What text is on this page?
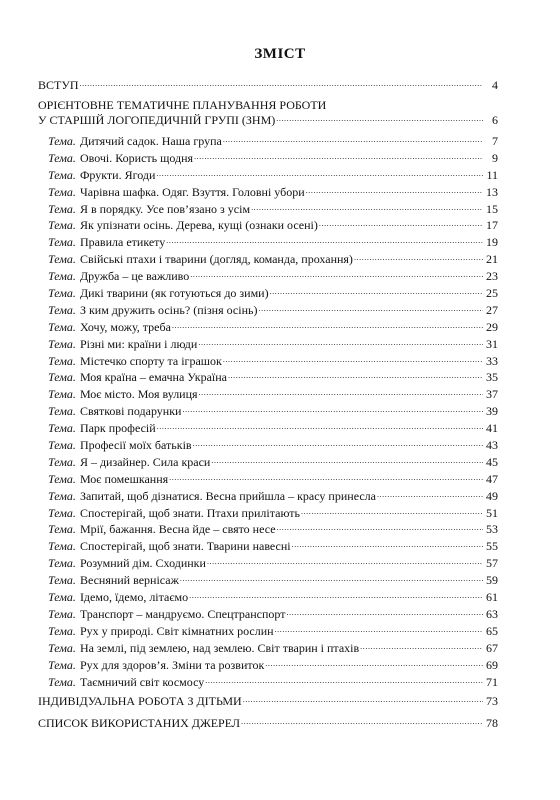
ЗМІСТ
ВСТУП .....	4
ОРІЄНТОВНЕ ТЕМАТИЧНЕ ПЛАНУВАННЯ РОБОТИ
У СТАРШІЙ ЛОГОПЕДИЧНІЙ ГРУПІ (ЗНМ) .....	6
Тема. Дитячий садок. Наша група .....	7
Тема. Овочі. Користь щодня .....	9
Тема. Фрукти. Ягоди .....	11
Тема. Чарівна шафка. Одяг. Взуття. Головні убори .....	13
Тема. Я в порядку. Усе пов’язано з усім .....	15
Тема. Як упізнати осінь. Дерева, кущі (ознаки осені) .....	17
Тема. Правила етикету .....	19
Тема. Свійські птахи і тварини (догляд, команда, прохання) .....	21
Тема. Дружба – це важливо .....	23
Тема. Дикі тварини (як готуються до зими) .....	25
Тема. З ким дружить осінь? (пізня осінь) .....	27
Тема. Хочу, можу, треба .....	29
Тема. Різні ми: країни і люди .....	31
Тема. Містечко спорту та іграшок .....	33
Тема. Моя країна – емачна Україна .....	35
Тема. Моє місто. Моя вулиця .....	37
Тема. Святкові подарунки .....	39
Тема. Парк професій .....	41
Тема. Професії моїх батьків .....	43
Тема. Я – дизайнер. Сила краси .....	45
Тема. Моє помешкання .....	47
Тема. Запитай, щоб дізнатися. Весна прийшла – красу принесла .....	49
Тема. Спостерігай, щоб знати. Птахи прилітають .....	51
Тема. Мрії, бажання. Весна йде – свято несе .....	53
Тема. Спостерігай, щоб знати. Тварини навесні .....	55
Тема. Розумний дім. Сходинки .....	57
Тема. Весняний вернісаж .....	59
Тема. Ідемо, їдемо, літаємо .....	61
Тема. Транспорт – мандруємо. Спецтранспорт .....	63
Тема. Рух у природі. Світ кімнатних рослин .....	65
Тема. На землі, під землею, над землею. Світ тварин і птахів .....	67
Тема. Рух для здоров’я. Зміни та розвиток .....	69
Тема. Таємничий світ космосу .....	71
ІНДИВІДУАЛЬНА РОБОТА З ДІТЬМИ .....	73
СПИСОК ВИКОРИСТАНИХ ДЖЕРЕЛ .....	78
